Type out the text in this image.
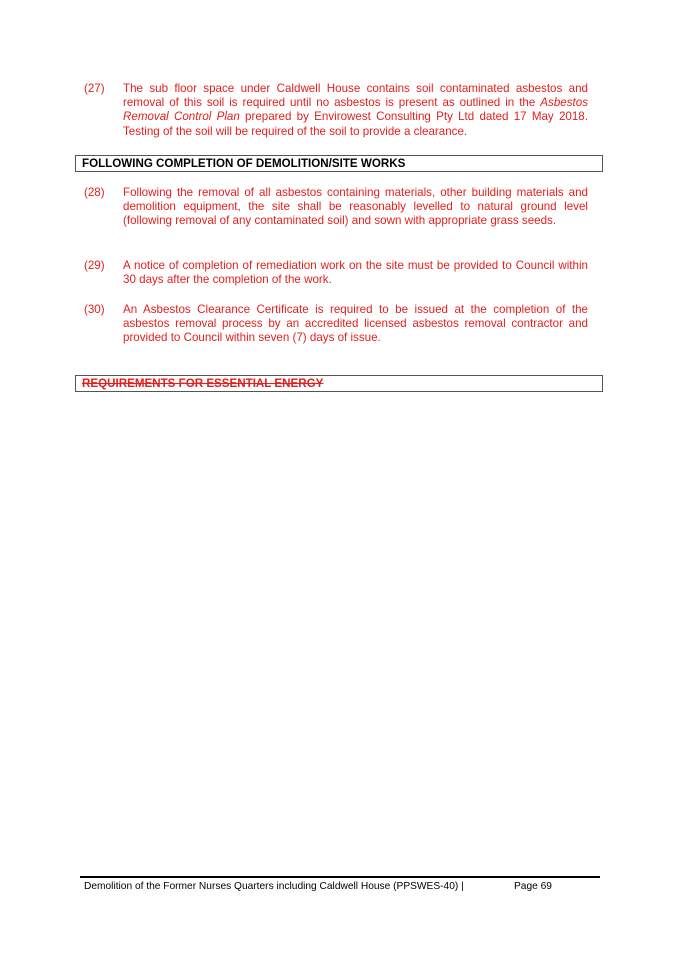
(27)	The sub floor space under Caldwell House contains soil contaminated asbestos and removal of this soil is required until no asbestos is present as outlined in the Asbestos Removal Control Plan prepared by Envirowest Consulting Pty Ltd dated 17 May 2018. Testing of the soil will be required of the soil to provide a clearance.
FOLLOWING COMPLETION OF DEMOLITION/SITE WORKS
(28)	Following the removal of all asbestos containing materials, other building materials and demolition equipment, the site shall be reasonably levelled to natural ground level (following removal of any contaminated soil) and sown with appropriate grass seeds.
(29)	A notice of completion of remediation work on the site must be provided to Council within 30 days after the completion of the work.
(30)	An Asbestos Clearance Certificate is required to be issued at the completion of the asbestos removal process by an accredited licensed asbestos removal contractor and provided to Council within seven (7) days of issue.
REQUIREMENTS FOR ESSENTIAL ENERGY
Demolition of the Former Nurses Quarters including Caldwell House (PPSWES-40) |	Page 69
